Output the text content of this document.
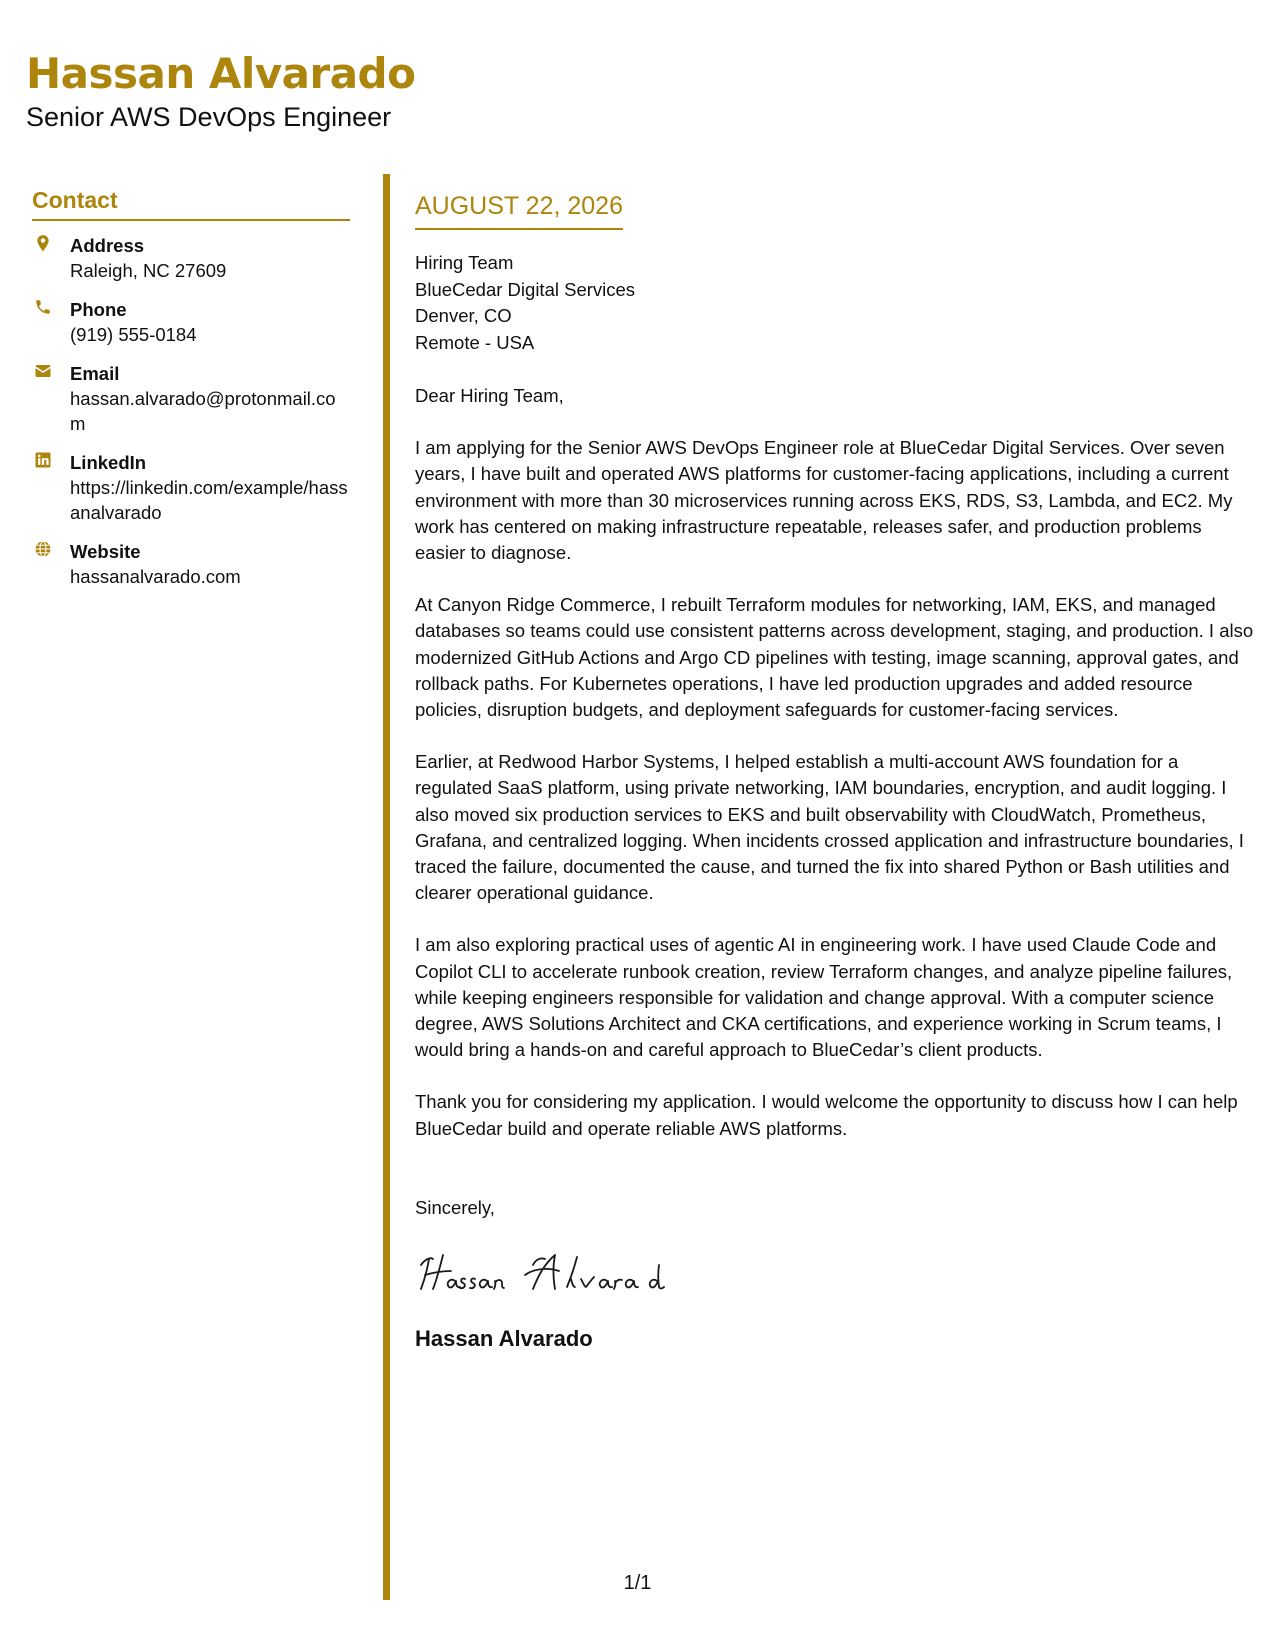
Hassan Alvarado
Senior AWS DevOps Engineer
Contact
Address
Raleigh, NC 27609
Phone
(919) 555-0184
Email
hassan.alvarado@protonmail.com
LinkedIn
https://linkedin.com/example/hassanalvarado
Website
hassanalvarado.com
AUGUST 22, 2026
Hiring Team
BlueCedar Digital Services
Denver, CO
Remote - USA
Dear Hiring Team,

I am applying for the Senior AWS DevOps Engineer role at BlueCedar Digital Services. Over seven years, I have built and operated AWS platforms for customer-facing applications, including a current environment with more than 30 microservices running across EKS, RDS, S3, Lambda, and EC2. My work has centered on making infrastructure repeatable, releases safer, and production problems easier to diagnose.

At Canyon Ridge Commerce, I rebuilt Terraform modules for networking, IAM, EKS, and managed databases so teams could use consistent patterns across development, staging, and production. I also modernized GitHub Actions and Argo CD pipelines with testing, image scanning, approval gates, and rollback paths. For Kubernetes operations, I have led production upgrades and added resource policies, disruption budgets, and deployment safeguards for customer-facing services.

Earlier, at Redwood Harbor Systems, I helped establish a multi-account AWS foundation for a regulated SaaS platform, using private networking, IAM boundaries, encryption, and audit logging. I also moved six production services to EKS and built observability with CloudWatch, Prometheus, Grafana, and centralized logging. When incidents crossed application and infrastructure boundaries, I traced the failure, documented the cause, and turned the fix into shared Python or Bash utilities and clearer operational guidance.

I am also exploring practical uses of agentic AI in engineering work. I have used Claude Code and Copilot CLI to accelerate runbook creation, review Terraform changes, and analyze pipeline failures, while keeping engineers responsible for validation and change approval. With a computer science degree, AWS Solutions Architect and CKA certifications, and experience working in Scrum teams, I would bring a hands-on and careful approach to BlueCedar’s client products.

Thank you for considering my application. I would welcome the opportunity to discuss how I can help BlueCedar build and operate reliable AWS platforms.

Sincerely,
Hassan Alvarado
1/1
